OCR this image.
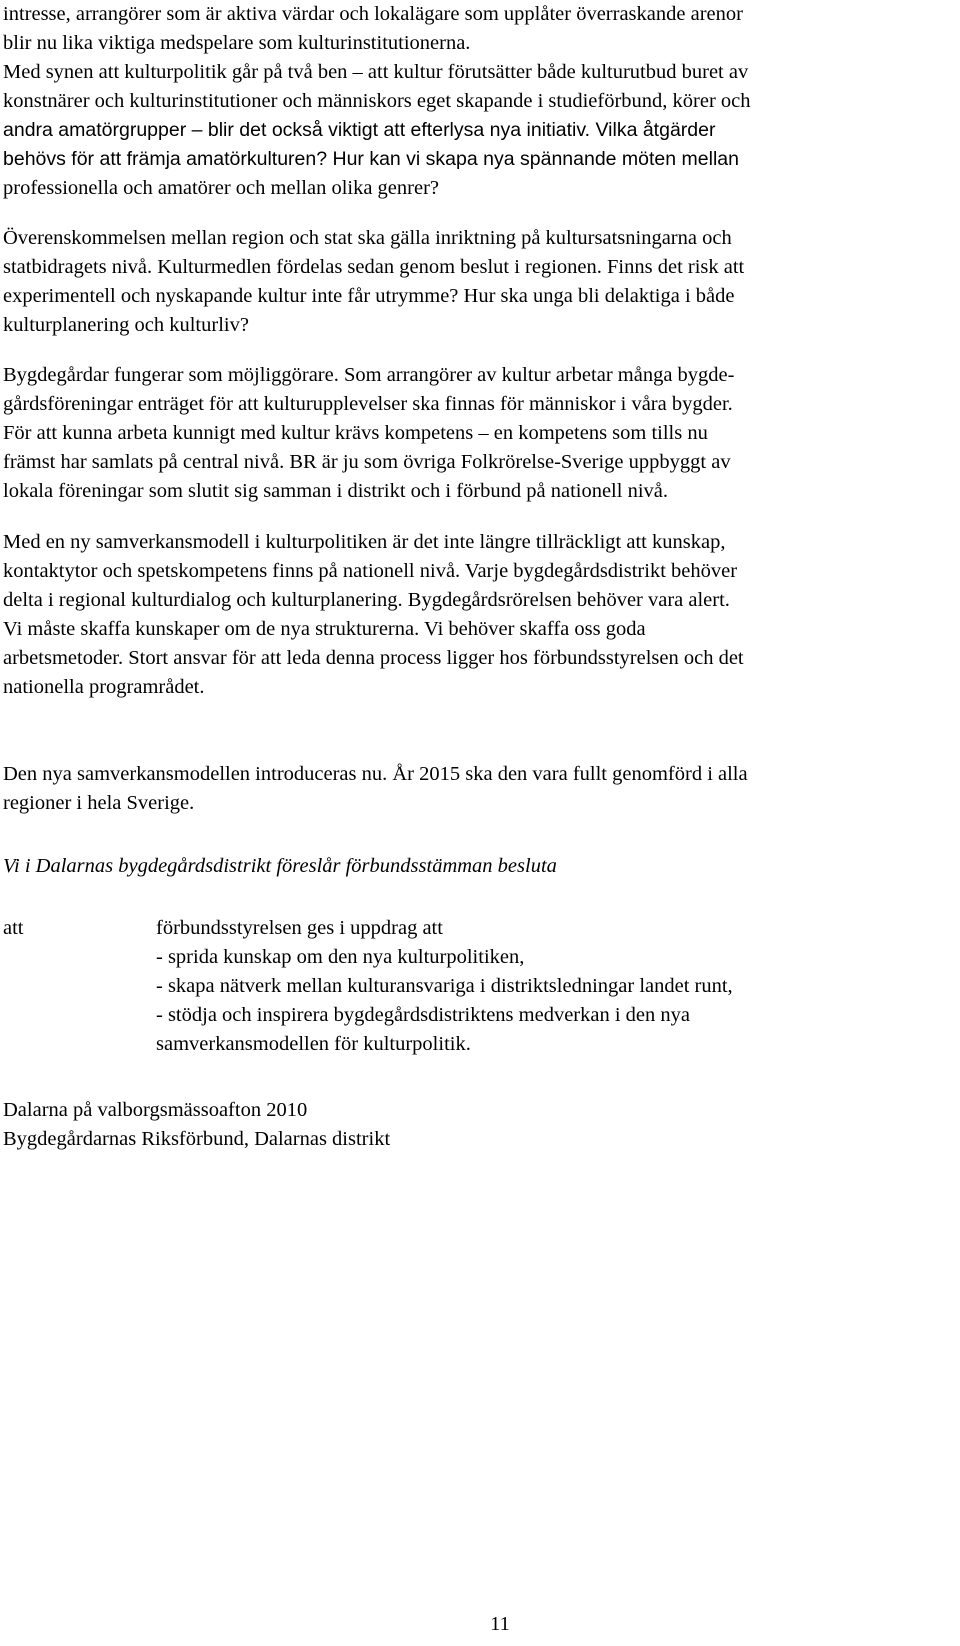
intresse, arrangörer som är aktiva värdar och lokalägare som upplåter överraskande arenor
blir nu lika viktiga medspelare som kulturinstitutionerna.
Med synen att kulturpolitik går på två ben – att kultur förutsätter både kulturutbud buret av
konstnärer och kulturinstitutioner och människors eget skapande i studieförbund, körer och
andra amatörgrupper – blir det också viktigt att efterlysa nya initiativ. Vilka åtgärder
behövs för att främja amatörkulturen? Hur kan vi skapa nya spännande möten mellan
professionella och amatörer och mellan olika genrer?
Överenskommelsen mellan region och stat ska gälla inriktning på kultursatsningarna och
statbidragets nivå. Kulturmedlen fördelas sedan genom beslut i regionen. Finns det risk att
experimentell och nyskapande kultur inte får utrymme? Hur ska unga bli delaktiga i både
kulturplanering och kulturliv?
Bygdegårdar fungerar som möjliggörare. Som arrangörer av kultur arbetar många bygde-
gårdsföreningar enträget för att kulturupplevelser ska finnas för människor i våra bygder.
För att kunna arbeta kunnigt med kultur krävs kompetens – en kompetens som tills nu
främst har samlats på central nivå. BR är ju som övriga Folkrörelse-Sverige uppbyggt av
lokala föreningar som slutit sig samman i distrikt och i förbund på nationell nivå.
Med en ny samverkansmodell i kulturpolitiken är det inte längre tillräckligt att kunskap,
kontaktytor och spetskompetens finns på nationell nivå. Varje bygdegårdsdistrikt behöver
delta i regional kulturdialog och kulturplanering. Bygdegårdsrörelsen behöver vara alert.
Vi måste skaffa kunskaper om de nya strukturerna. Vi behöver skaffa oss goda
arbetsmetoder. Stort ansvar för att leda denna process ligger hos förbundsstyrelsen och det
nationella programrådet.
Den nya samverkansmodellen introduceras nu. År 2015 ska den vara fullt genomförd i alla
regioner i hela Sverige.
Vi i Dalarnas bygdegårdsdistrikt föreslår förbundsstämman besluta
att	förbundsstyrelsen ges i uppdrag att
- sprida kunskap om den nya kulturpolitiken,
- skapa nätverk mellan kulturansvariga i distriktsledningar landet runt,
- stödja och inspirera bygdegårdsdistriktens medverkan i den nya
samverkansmodellen för kulturpolitik.
Dalarna på valborgsmässoafton 2010
Bygdegårdarnas Riksförbund, Dalarnas distrikt
11
